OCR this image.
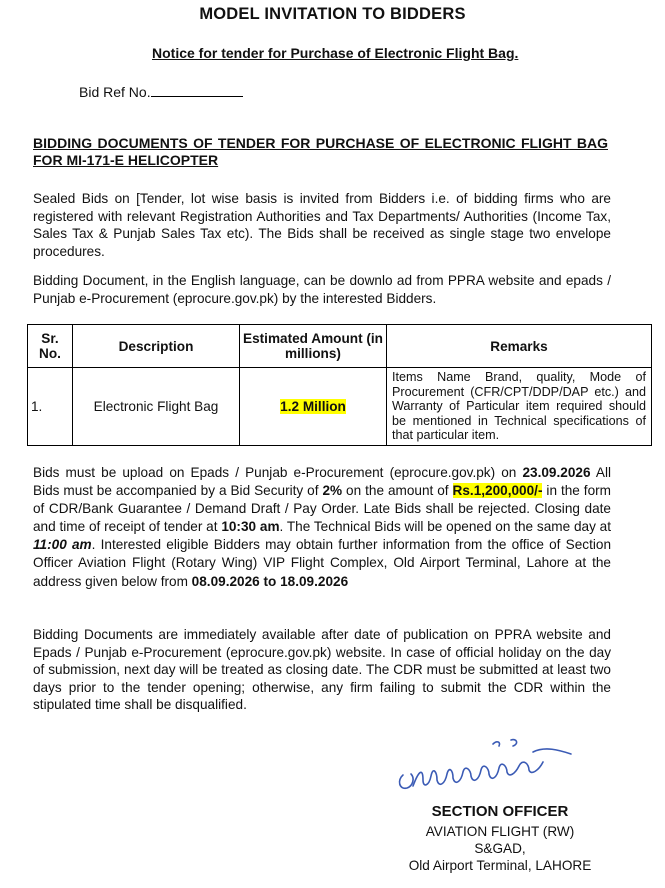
MODEL INVITATION TO BIDDERS
Notice for tender for Purchase of Electronic Flight Bag.
Bid Ref No.
BIDDING DOCUMENTS OF TENDER FOR PURCHASE OF ELECTRONIC FLIGHT BAG FOR MI-171-E HELICOPTER
Sealed Bids on [Tender, lot wise basis is invited from Bidders i.e. of bidding firms who are registered with relevant Registration Authorities and Tax Departments/ Authorities (Income Tax, Sales Tax & Punjab Sales Tax etc). The Bids shall be received as single stage two envelope procedures.
Bidding Document, in the English language, can be downlo ad from PPRA website and epads / Punjab e-Procurement (eprocure.gov.pk) by the interested Bidders.
Sr. No.	Description	Estimated Amount (in millions)	Remarks
1.	Electronic Flight Bag	1.2 Million	Items Name Brand, quality, Mode of Procurement (CFR/CPT/DDP/DAP etc.) and Warranty of Particular item required should be mentioned in Technical specifications of that particular item.
Bids must be upload on Epads / Punjab e-Procurement (eprocure.gov.pk) on 23.09.2026 All Bids must be accompanied by a Bid Security of 2% on the amount of Rs.1,200,000/- in the form of CDR/Bank Guarantee / Demand Draft / Pay Order. Late Bids shall be rejected. Closing date and time of receipt of tender at 10:30 am. The Technical Bids will be opened on the same day at 11:00 am. Interested eligible Bidders may obtain further information from the office of Section Officer Aviation Flight (Rotary Wing) VIP Flight Complex, Old Airport Terminal, Lahore at the address given below from 08.09.2026 to 18.09.2026
Bidding Documents are immediately available after date of publication on PPRA website and Epads / Punjab e-Procurement (eprocure.gov.pk) website. In case of official holiday on the day of submission, next day will be treated as closing date. The CDR must be submitted at least two days prior to the tender opening; otherwise, any firm failing to submit the CDR within the stipulated time shall be disqualified.
SECTION OFFICER
AVIATION FLIGHT (RW)
S&GAD,
Old Airport Terminal, LAHORE
